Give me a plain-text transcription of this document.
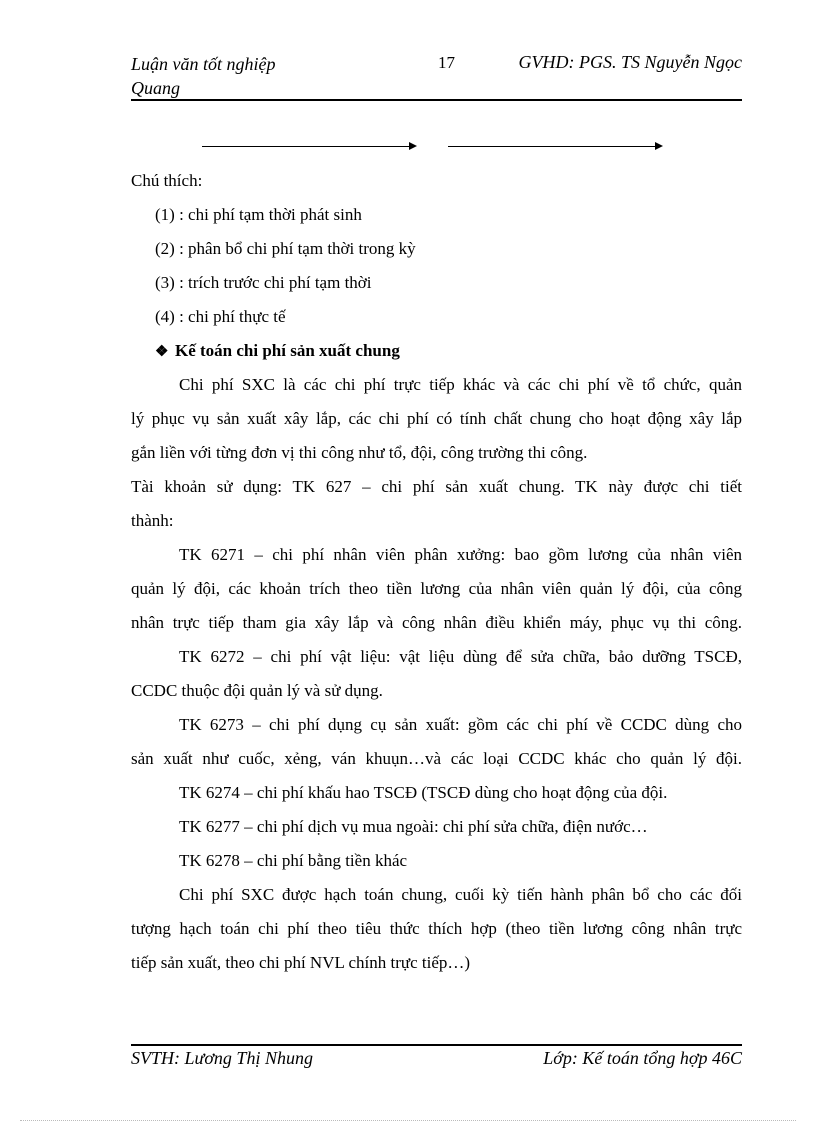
Luận văn tốt nghiệp
Quang
17	GVHD: PGS. TS Nguyễn Ngọc
Chú thích:
(1) : chi phí tạm thời phát sinh
(2) : phân bổ chi phí tạm thời trong kỳ
(3) : trích trước chi phí tạm thời
(4) : chi phí thực tế
❖ Kế toán chi phí sản xuất chung
Chi phí SXC là các chi phí trực tiếp khác và các chi phí về tổ chức, quản
lý phục vụ sản xuất xây lắp, các chi phí có tính chất chung cho hoạt động xây lắp
gắn liền với từng đơn vị thi công như tổ, đội, công trường thi công.
Tài khoản sử dụng: TK 627 – chi phí sản xuất chung. TK này được chi tiết
thành:
TK 6271 – chi phí nhân viên phân xưởng: bao gồm lương của nhân viên
quản lý đội, các khoản trích theo tiền lương của nhân viên quản lý đội, của công
nhân trực tiếp tham gia xây lắp và công nhân điều khiển máy, phục vụ thi công.
TK 6272 – chi phí vật liệu: vật liệu dùng để sửa chữa, bảo dưỡng TSCĐ,
CCDC thuộc đội quản lý và sử dụng.
TK 6273 – chi phí dụng cụ sản xuất: gồm các chi phí về CCDC dùng cho
sản xuất như cuốc, xẻng, ván khuụn…và các loại CCDC khác cho quản lý đội.
TK 6274 – chi phí khấu hao TSCĐ (TSCĐ dùng cho hoạt động của đội.
TK 6277 – chi phí dịch vụ mua ngoài: chi phí sửa chữa, điện nước…
TK 6278 – chi phí bằng tiền khác
Chi phí SXC được hạch toán chung, cuối kỳ tiến hành phân bổ cho các đối
tượng hạch toán chi phí theo tiêu thức thích hợp (theo tiền lương công nhân trực
tiếp sản xuất, theo chi phí NVL chính trực tiếp…)
SVTH: Lương Thị Nhung	Lớp: Kế toán tổng hợp 46C
